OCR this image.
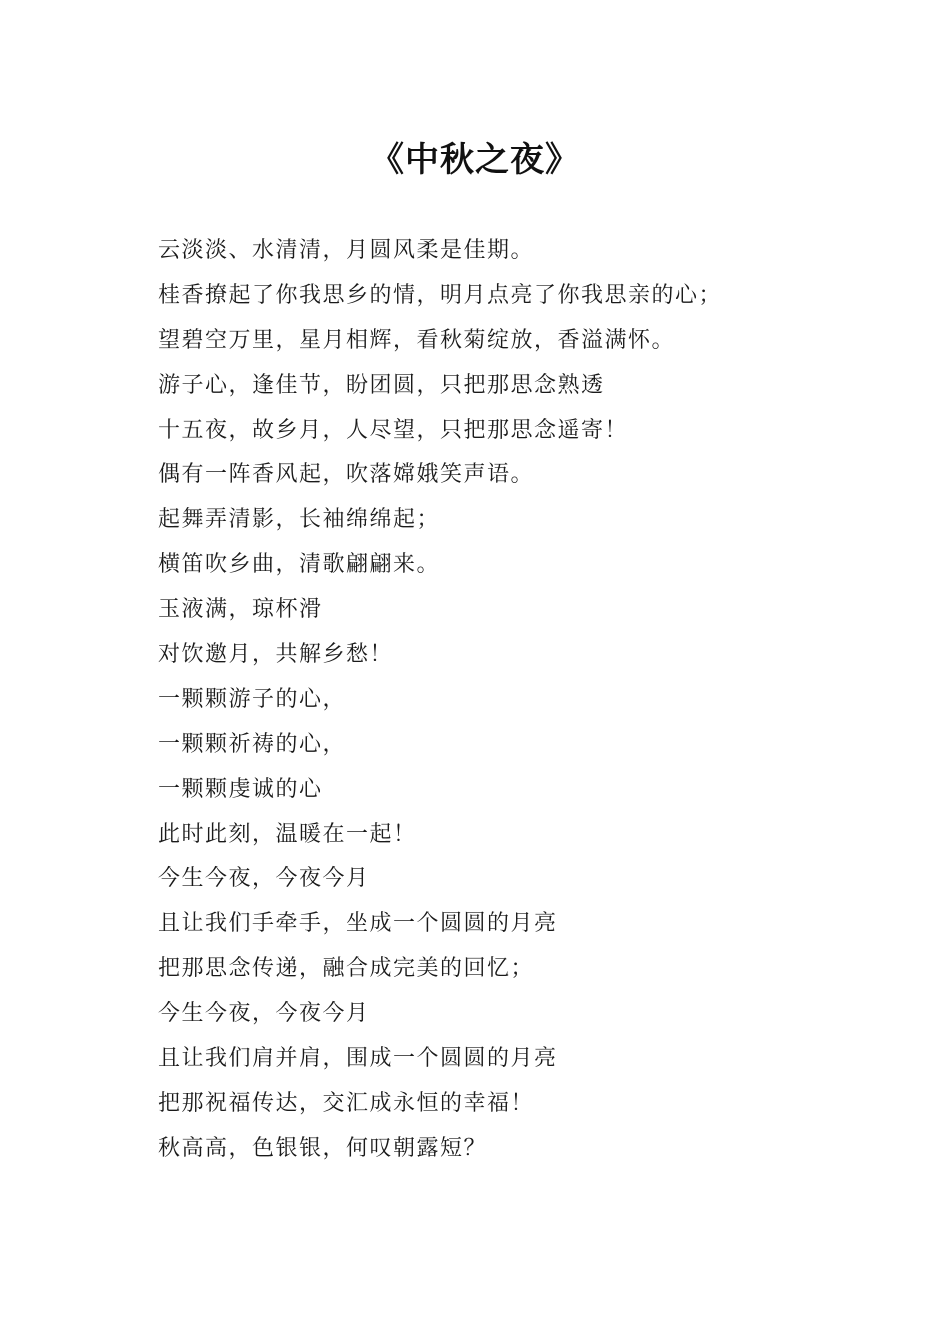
《中秋之夜》
云淡淡、水清清，月圆风柔是佳期。
桂香撩起了你我思乡的情，明月点亮了你我思亲的心；
望碧空万里，星月相辉，看秋菊绽放，香溢满怀。
游子心，逢佳节，盼团圆，只把那思念熟透
十五夜，故乡月，人尽望，只把那思念遥寄！
偶有一阵香风起，吹落嫦娥笑声语。
起舞弄清影，长袖绵绵起；
横笛吹乡曲，清歌翩翩来。
玉液满，琼杯滑
对饮邀月，共解乡愁！
一颗颗游子的心，
一颗颗祈祷的心，
一颗颗虔诚的心
此时此刻，温暖在一起！
今生今夜，今夜今月
且让我们手牵手，坐成一个圆圆的月亮
把那思念传递，融合成完美的回忆；
今生今夜，今夜今月
且让我们肩并肩，围成一个圆圆的月亮
把那祝福传达，交汇成永恒的幸福！
秋高高，色银银，何叹朝露短？
